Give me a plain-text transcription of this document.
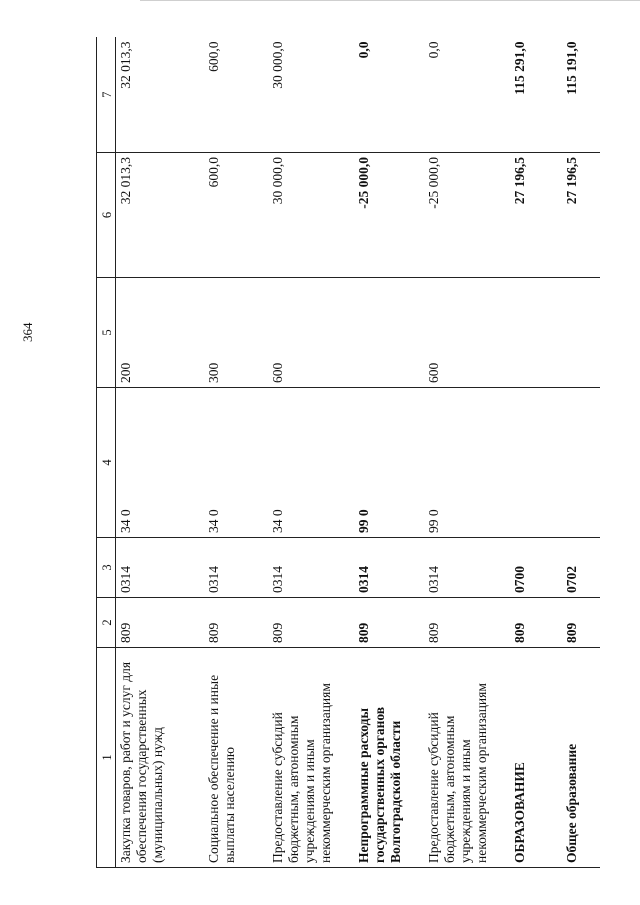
364
1	2	3	4	5	6	7
Закупка товаров, работ и услуг для обеспечения государственных (муниципальных) нужд	809	0314	34 0	200	32 013,3	32 013,3
Социальное обеспечение и иные выплаты населению	809	0314	34 0	300	600,0	600,0
Предоставление субсидий бюджетным, автономным учреждениям и иным некоммерческим организациям	809	0314	34 0	600	30 000,0	30 000,0
Непрограммные расходы государственных органов Волгоградской области	809	0314	99 0		-25 000,0	0,0
Предоставление субсидий бюджетным, автономным учреждениям и иным некоммерческим организациям	809	0314	99 0	600	-25 000,0	0,0
ОБРАЗОВАНИЕ	809	0700			27 196,5	115 291,0
Общее образование	809	0702			27 196,5	115 191,0
